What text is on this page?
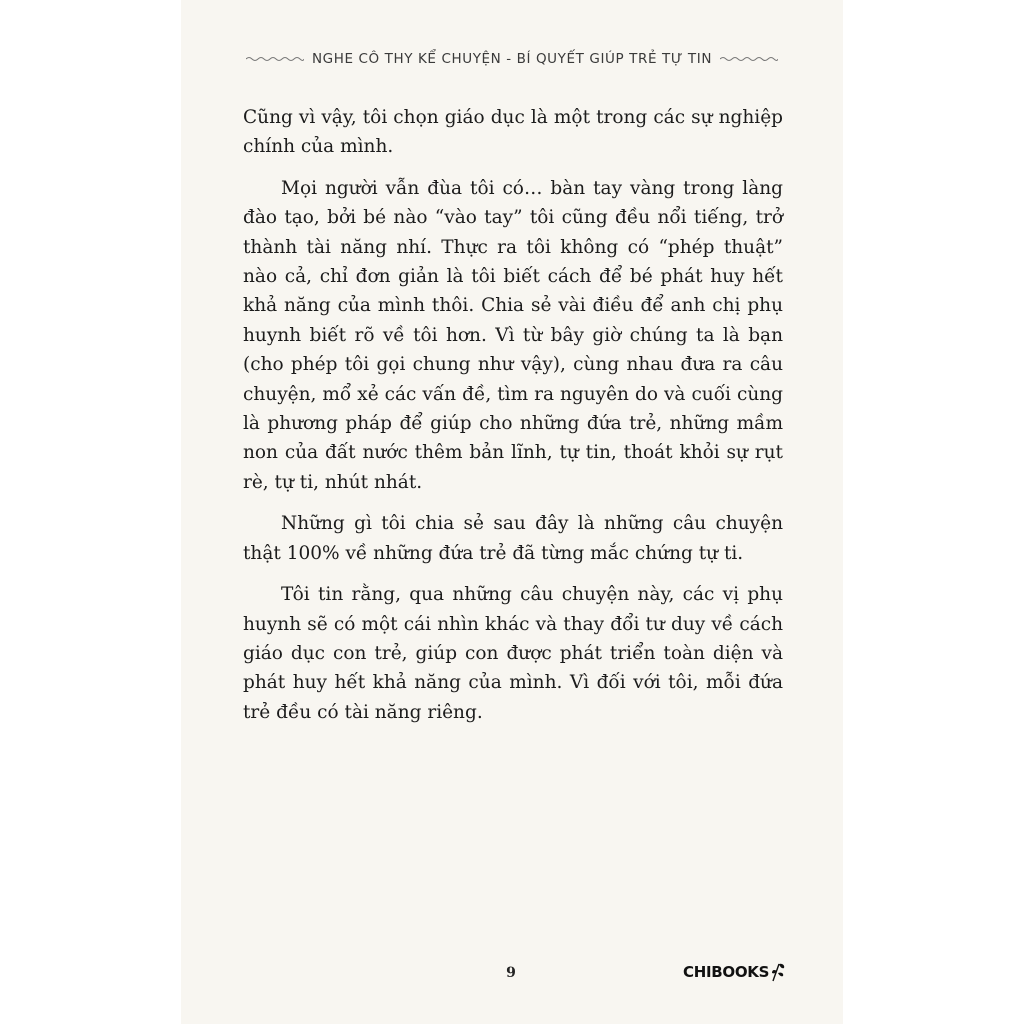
NGHE CÔ THY KỂ CHUYỆN - BÍ QUYẾT GIÚP TRẺ TỰ TIN

Cũng vì vậy, tôi chọn giáo dục là một trong các sự nghiệp chính của mình.

Mọi người vẫn đùa tôi có… bàn tay vàng trong làng đào tạo, bởi bé nào “vào tay” tôi cũng đều nổi tiếng, trở thành tài năng nhí. Thực ra tôi không có “phép thuật” nào cả, chỉ đơn giản là tôi biết cách để bé phát huy hết khả năng của mình thôi. Chia sẻ vài điều để anh chị phụ huynh biết rõ về tôi hơn. Vì từ bây giờ chúng ta là bạn (cho phép tôi gọi chung như vậy), cùng nhau đưa ra câu chuyện, mổ xẻ các vấn đề, tìm ra nguyên do và cuối cùng là phương pháp để giúp cho những đứa trẻ, những mầm non của đất nước thêm bản lĩnh, tự tin, thoát khỏi sự rụt rè, tự ti, nhút nhát.

Những gì tôi chia sẻ sau đây là những câu chuyện thật 100% về những đứa trẻ đã từng mắc chứng tự ti.

Tôi tin rằng, qua những câu chuyện này, các vị phụ huynh sẽ có một cái nhìn khác và thay đổi tư duy về cách giáo dục con trẻ, giúp con được phát triển toàn diện và phát huy hết khả năng của mình. Vì đối với tôi, mỗi đứa trẻ đều có tài năng riêng.

9	CHIBOOKS
